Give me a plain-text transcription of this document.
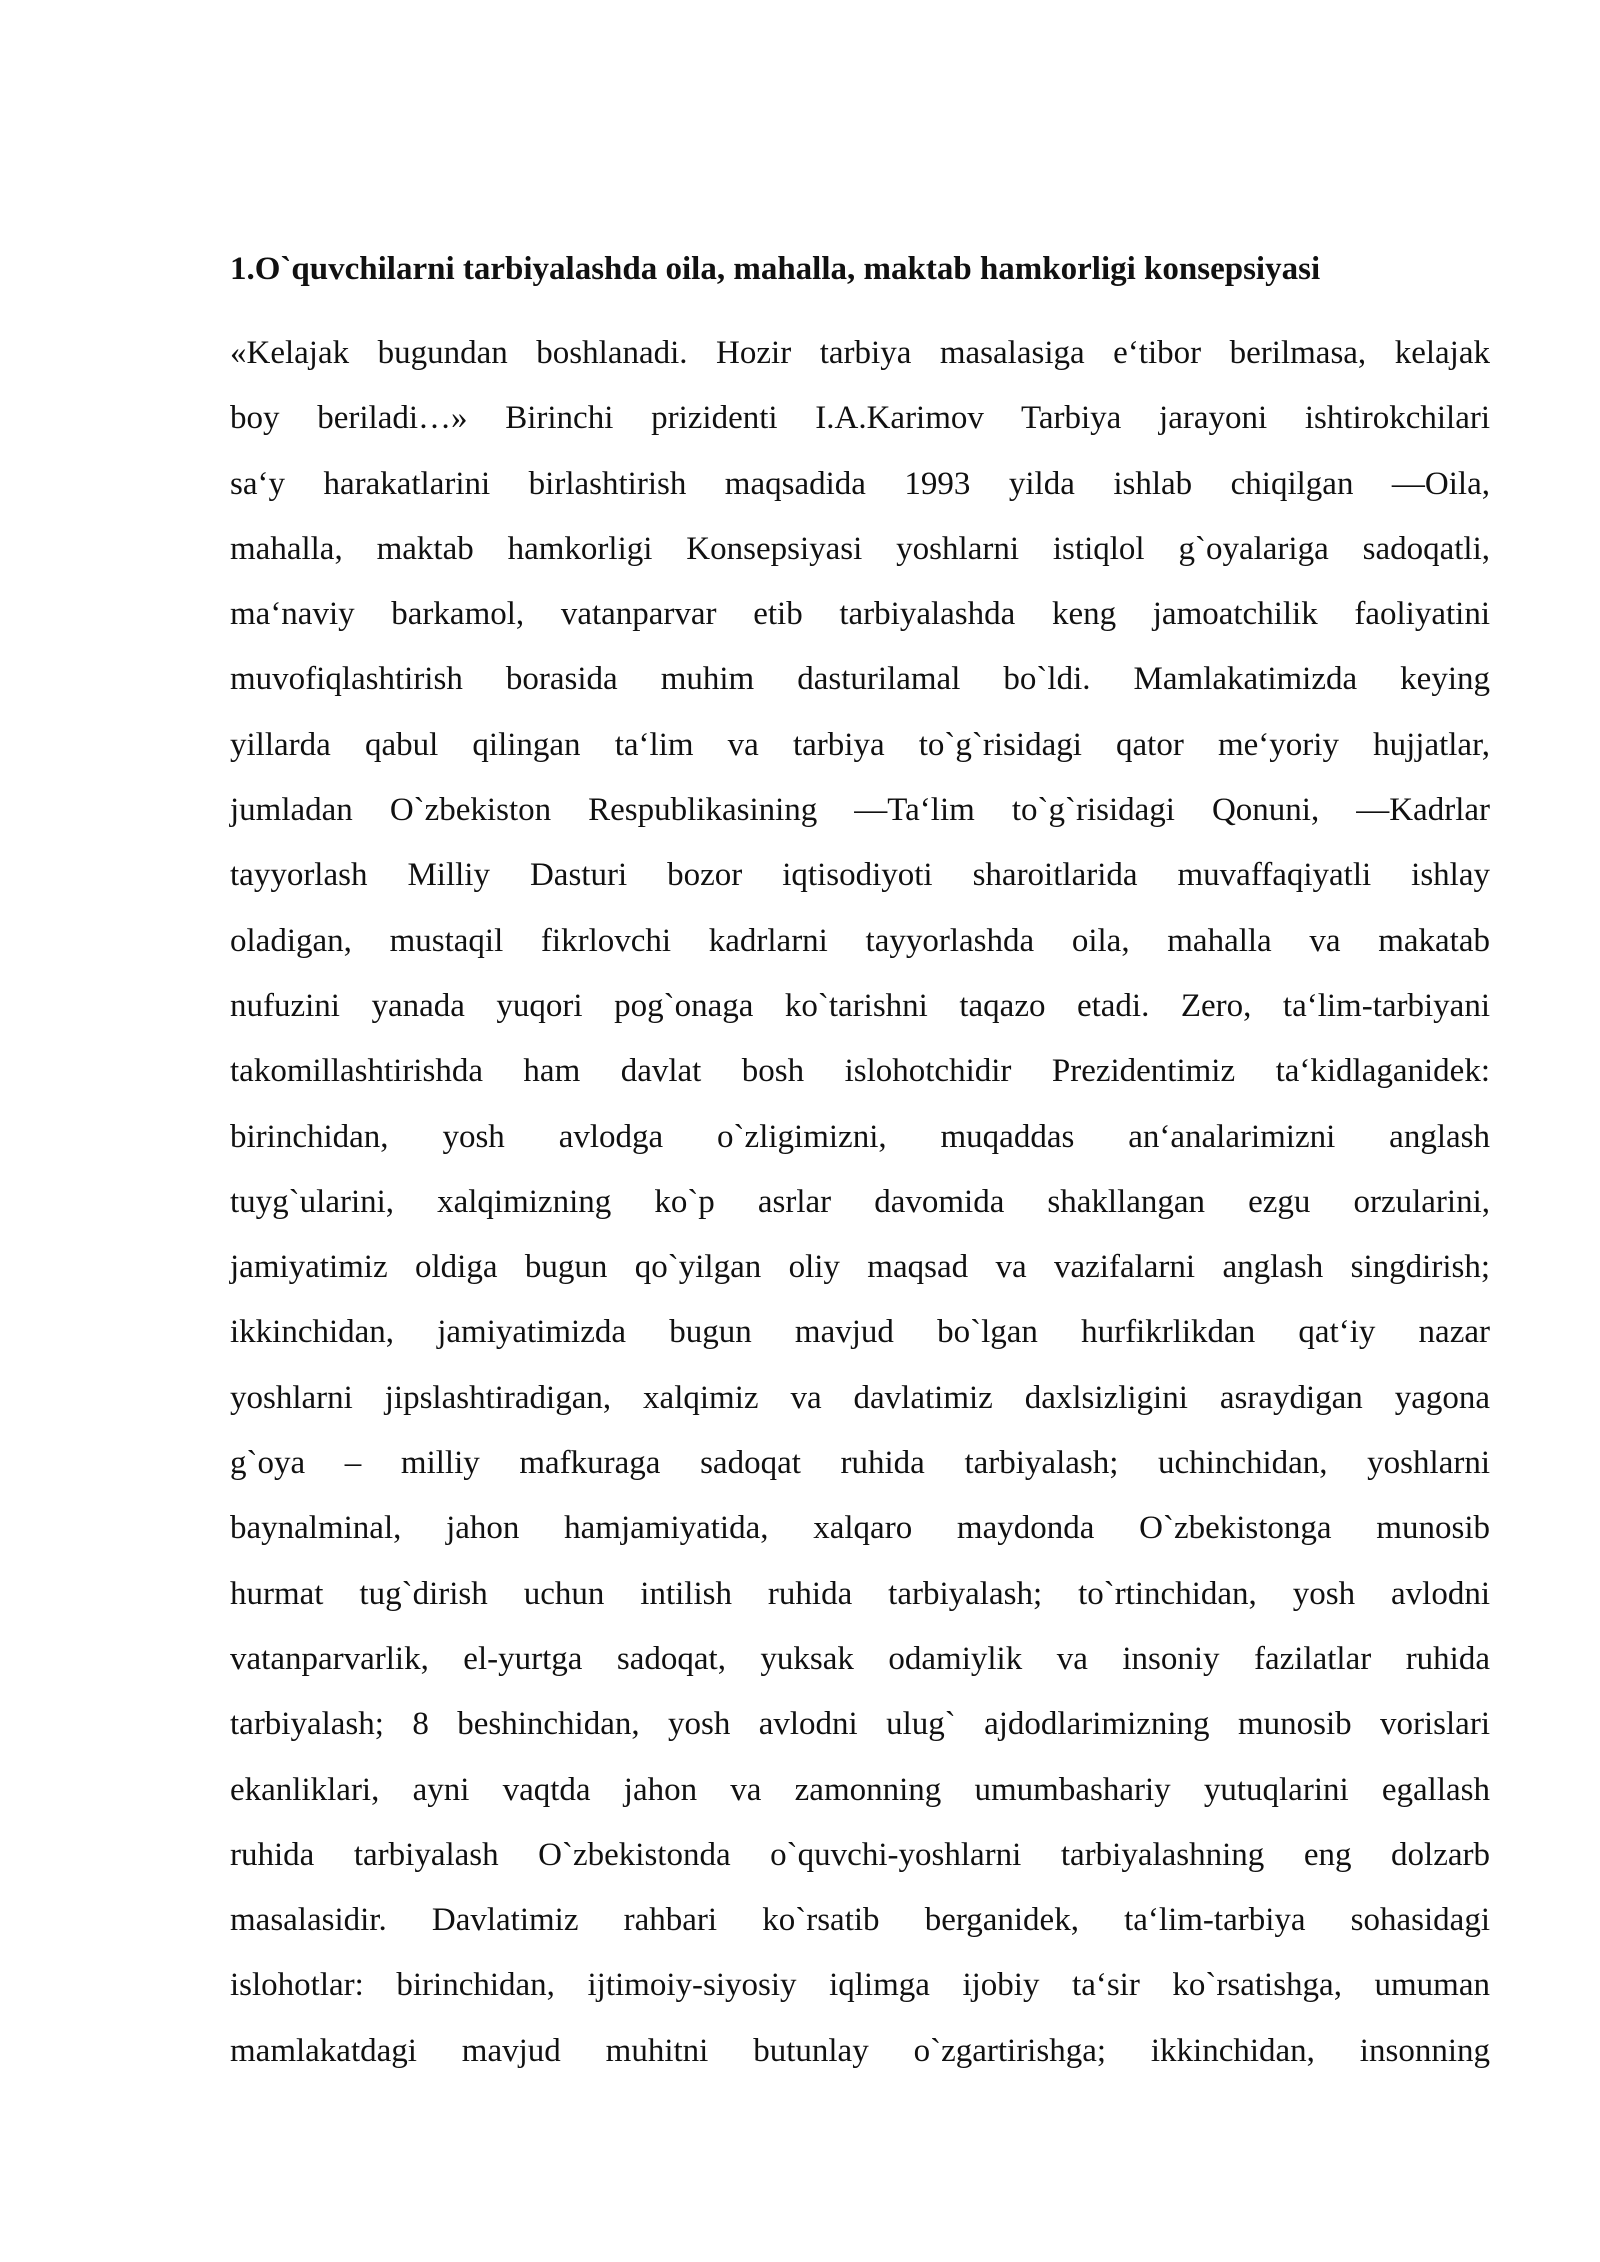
1.O`quvchilarni tarbiyalashda oila, mahalla, maktab hamkorligi konsepsiyasi
«Kelajak bugundan boshlanadi. Hozir tarbiya masalasiga e‘tibor berilmasa, kelajak
boy beriladi…» Birinchi prizidenti I.A.Karimov Tarbiya jarayoni ishtirokchilari
sa‘y harakatlarini birlashtirish maqsadida 1993 yilda ishlab chiqilgan ―Oila,
mahalla, maktab hamkorligi Konsepsiyasi yoshlarni istiqlol g`oyalariga sadoqatli,
ma‘naviy barkamol, vatanparvar etib tarbiyalashda keng jamoatchilik faoliyatini
muvofiqlashtirish borasida muhim dasturilamal bo`ldi. Mamlakatimizda keying
yillarda qabul qilingan ta‘lim va tarbiya to`g`risidagi qator me‘yoriy hujjatlar,
jumladan O`zbekiston Respublikasining ―Ta‘lim to`g`risidagi Qonuni, ―Kadrlar
tayyorlash Milliy Dasturi bozor iqtisodiyoti sharoitlarida muvaffaqiyatli ishlay
oladigan, mustaqil fikrlovchi kadrlarni tayyorlashda oila, mahalla va makatab
nufuzini yanada yuqori pog`onaga ko`tarishni taqazo etadi. Zero, ta‘lim-tarbiyani
takomillashtirishda ham davlat bosh islohotchidir Prezidentimiz ta‘kidlaganidek:
birinchidan, yosh avlodga o`zligimizni, muqaddas an‘analarimizni anglash
tuyg`ularini, xalqimizning ko`p asrlar davomida shakllangan ezgu orzularini,
jamiyatimiz oldiga bugun qo`yilgan oliy maqsad va vazifalarni anglash singdirish;
ikkinchidan, jamiyatimizda bugun mavjud bo`lgan hurfikrlikdan qat‘iy nazar
yoshlarni jipslashtiradigan, xalqimiz va davlatimiz daxlsizligini asraydigan yagona
g`oya – milliy mafkuraga sadoqat ruhida tarbiyalash; uchinchidan, yoshlarni
baynalminal, jahon hamjamiyatida, xalqaro maydonda O`zbekistonga munosib
hurmat tug`dirish uchun intilish ruhida tarbiyalash; to`rtinchidan, yosh avlodni
vatanparvarlik, el-yurtga sadoqat, yuksak odamiylik va insoniy fazilatlar ruhida
tarbiyalash; 8 beshinchidan, yosh avlodni ulug` ajdodlarimizning munosib vorislari
ekanliklari, ayni vaqtda jahon va zamonning umumbashariy yutuqlarini egallash
ruhida tarbiyalash O`zbekistonda o`quvchi-yoshlarni tarbiyalashning eng dolzarb
masalasidir. Davlatimiz rahbari ko`rsatib berganidek, ta‘lim-tarbiya sohasidagi
islohotlar: birinchidan, ijtimoiy-siyosiy iqlimga ijobiy ta‘sir ko`rsatishga, umuman
mamlakatdagi mavjud muhitni butunlay o`zgartirishga; ikkinchidan, insonning
